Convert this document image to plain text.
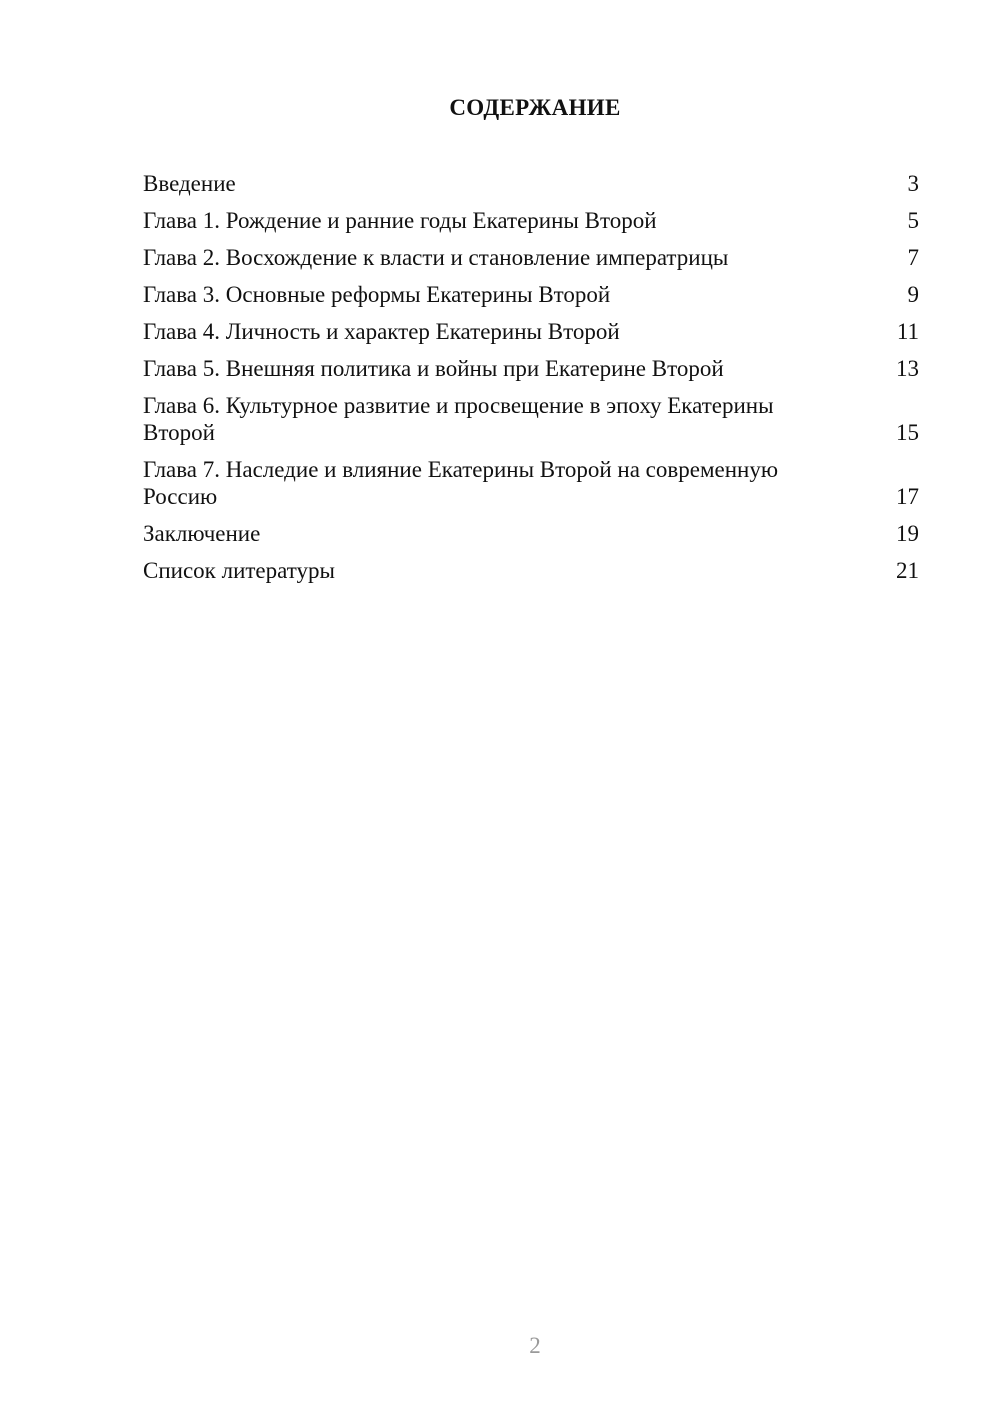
СОДЕРЖАНИЕ
Введение	3
Глава 1. Рождение и ранние годы Екатерины Второй	5
Глава 2. Восхождение к власти и становление императрицы	7
Глава 3. Основные реформы Екатерины Второй	9
Глава 4. Личность и характер Екатерины Второй	11
Глава 5. Внешняя политика и войны при Екатерине Второй	13
Глава 6. Культурное развитие и просвещение в эпоху Екатерины Второй	15
Глава 7. Наследие и влияние Екатерины Второй на современную Россию	17
Заключение	19
Список литературы	21
2
